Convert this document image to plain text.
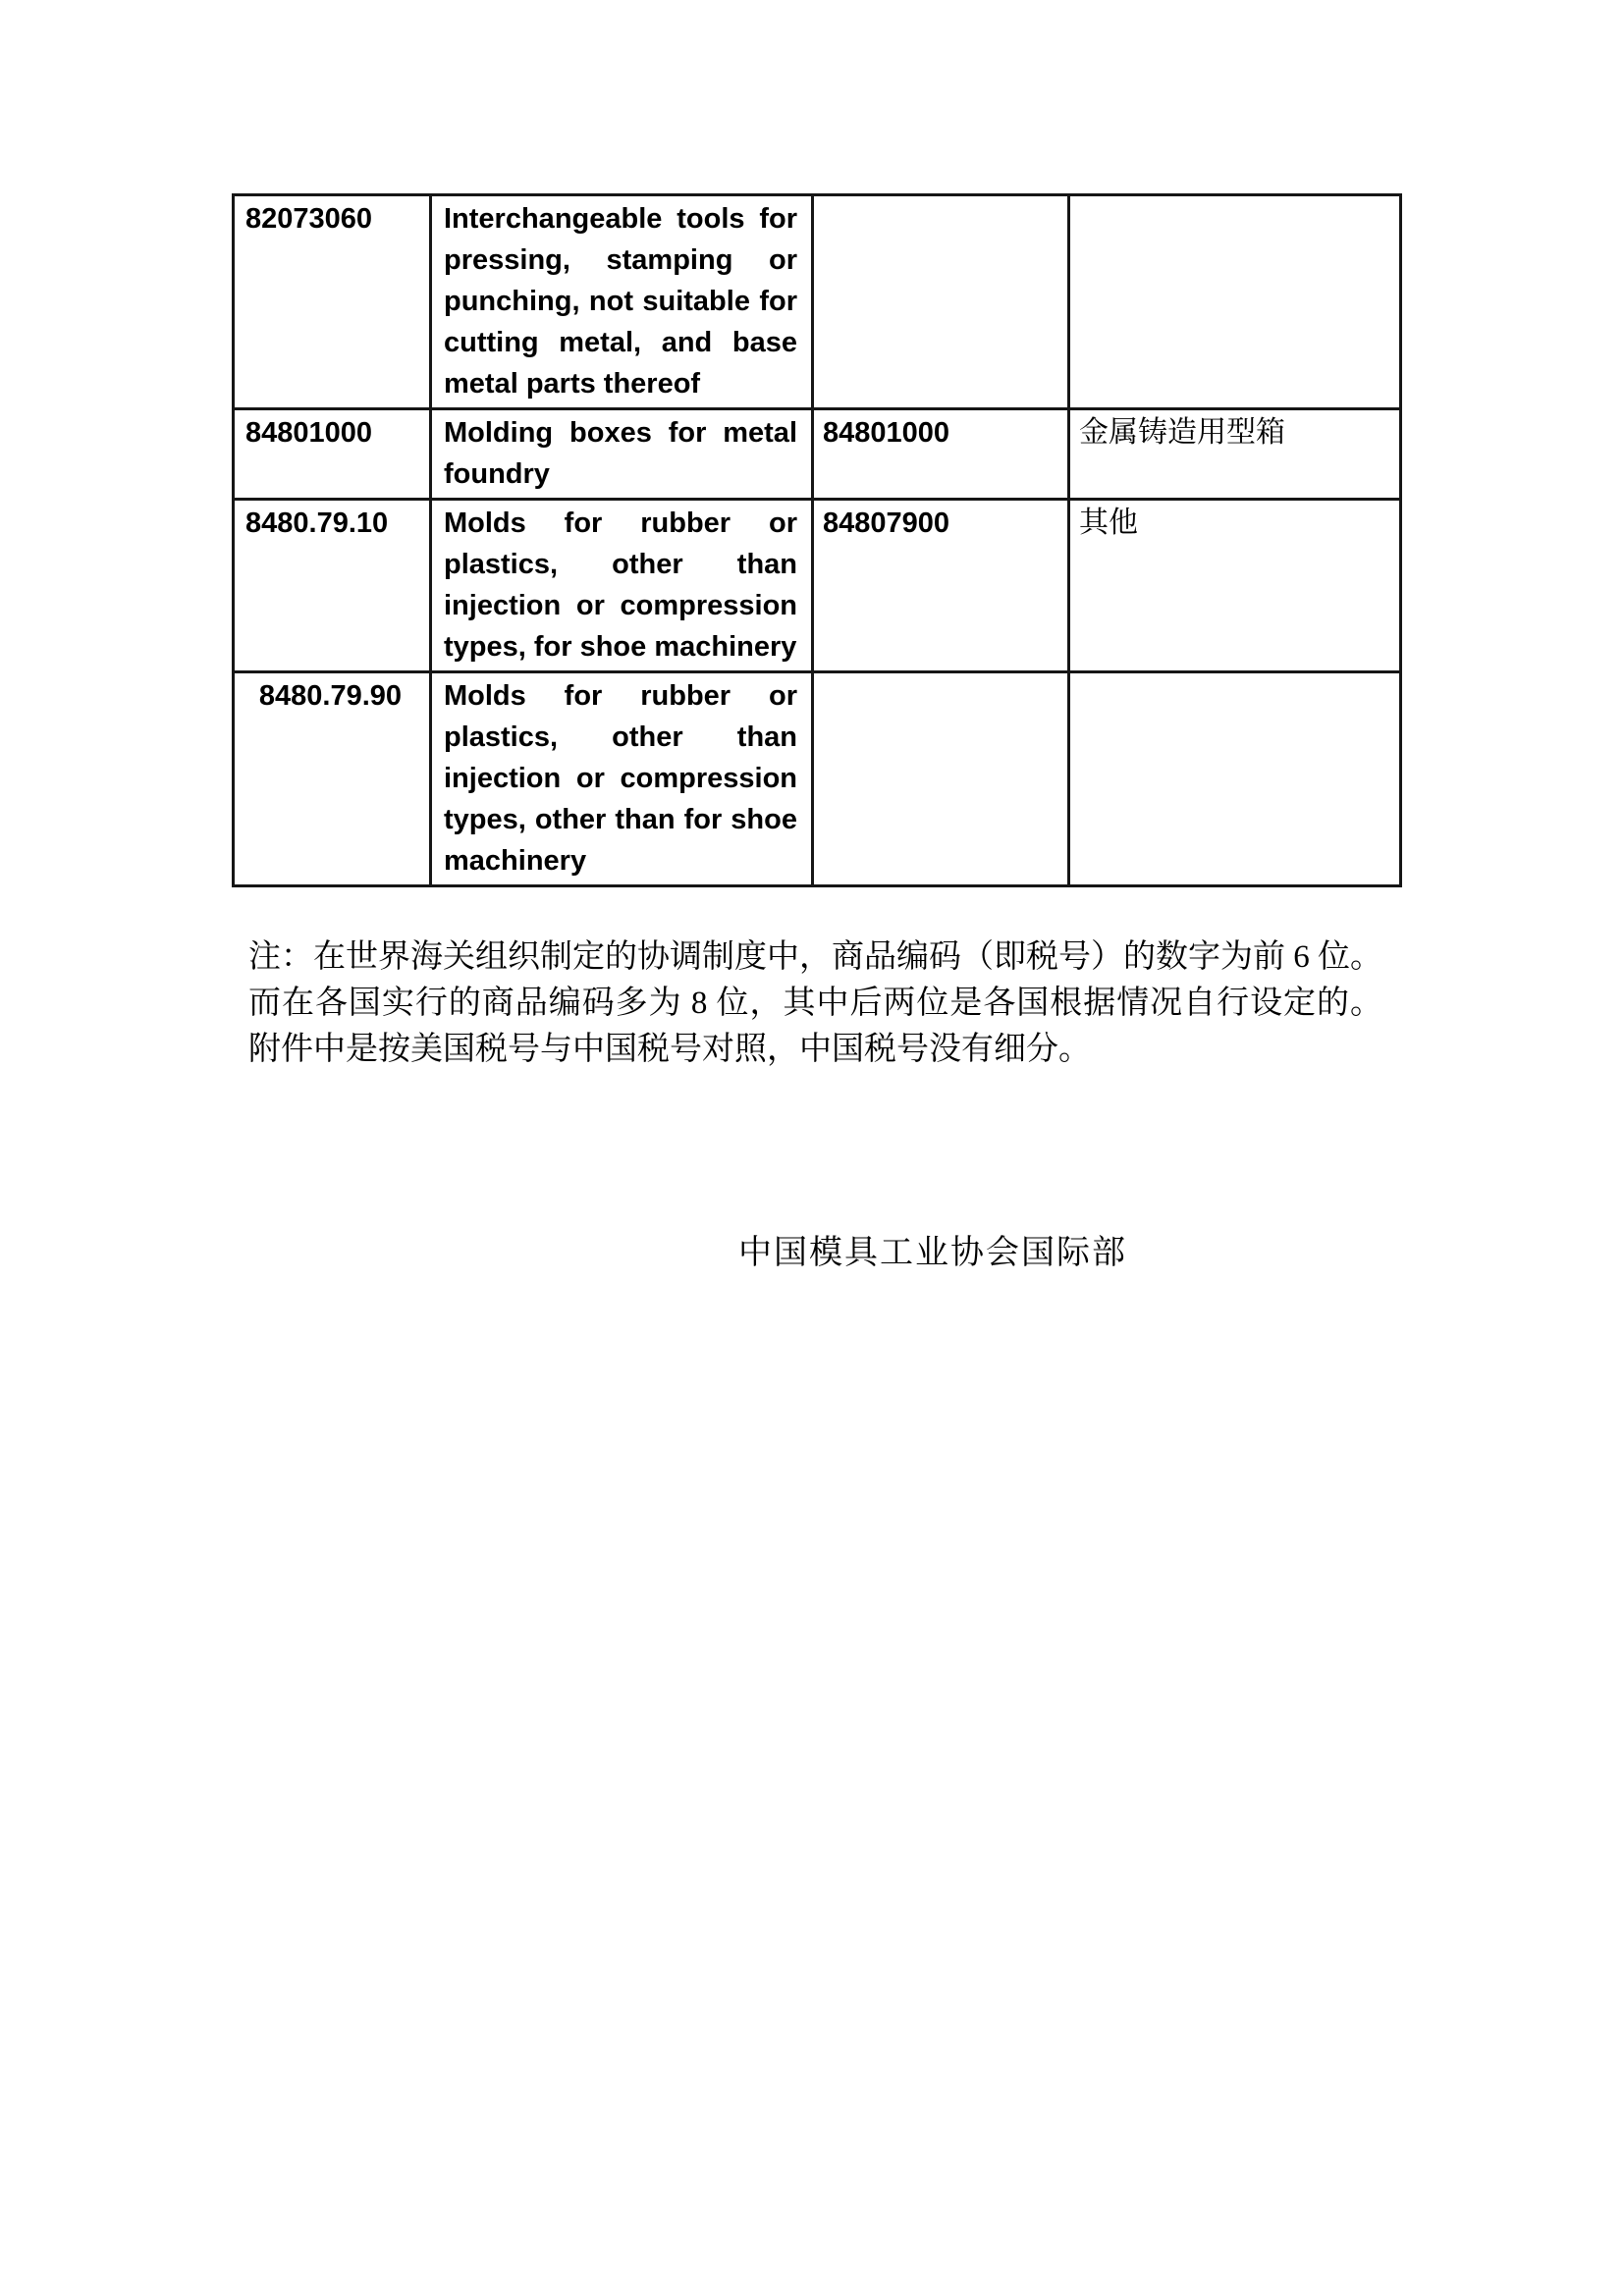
82073060	Interchangeable tools for
pressing, stamping or
punching, not suitable for
cutting metal, and base
metal parts thereof		

84801000	Molding boxes for metal
foundry	84801000	金属铸造用型箱
8480.79.10	Molds for rubber or
plastics, other than
injection or compression
types, for shoe machinery	84807900	其他
8480.79.90	Molds for rubber or
plastics, other than
injection or compression
types, other than for shoe
machinery		

注：在世界海关组织制定的协调制度中，商品编码（即税号）的数字为前 6 位。
而在各国实行的商品编码多为 8 位，其中后两位是各国根据情况自行设定的。
附件中是按美国税号与中国税号对照，中国税号没有细分。
中国模具工业协会国际部
